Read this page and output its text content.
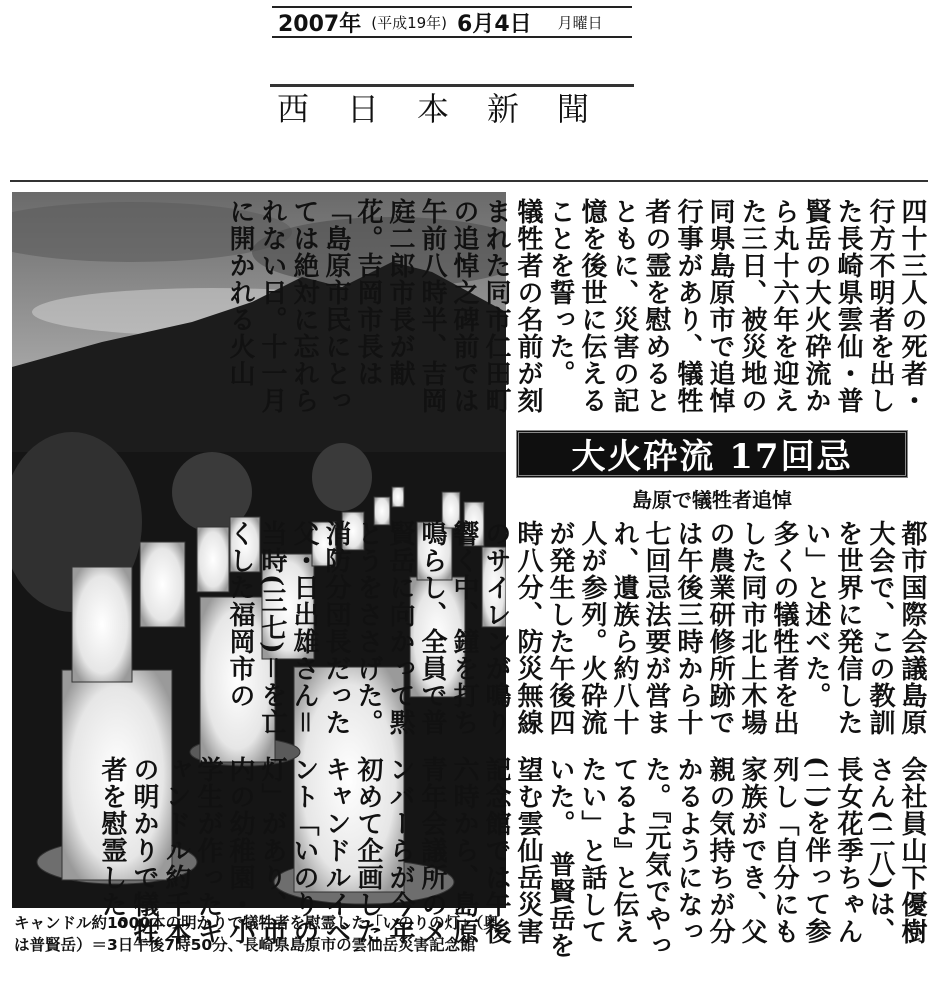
2007年 (平成19年) 6月4日 月曜日
西日本新聞
キャンドル約1000本の明かりで犠牲者を慰霊した「いのりの灯」（奥は普賢岳）＝3日午後7時50分、長崎県島原市の雲仙岳災害記念館
四十三人の死者・行方不明者を出した長崎県雲仙・普賢岳の大火砕流から丸十六年を迎えた三日、被災地の同県島原市で追悼行事があり、犠牲者の霊を慰めるとともに、災害の記憶を後世に伝えることを誓った。　犠牲者の名前が刻まれた同市仁田町の追悼之碑前では午前八時半、吉岡庭二郎市長が献花。吉岡市長は「島原市民にとっては絶対に忘れられない日。十一月に開かれる火山
大火砕流 17回忌
島原で犠牲者追悼
都市国際会議島原大会で、この教訓を世界に発信したい」と述べた。　多くの犠牲者を出した同市北上木場の農業研修所跡では午後三時から十七回忌法要が営まれ、遺族ら約八十人が参列。火砕流が発生した午後四時八分、防災無線のサイレンが鳴り響く中、鐘を打ち鳴らし、全員で普賢岳に向かって黙とうをささげた。消防分団長だった父・日出雄さん＝当時(三七)＝を亡くした福岡市の
会社員山下優樹さん(二八)は、長女花季ちゃん(二)を伴って参列し「自分にも家族ができ、父親の気持ちが分かるようになった。『元気でやってるよ』と伝えたい」と話していた。　普賢岳を望む雲仙岳災害記念館では午後六時から、島原青年会議所のメンバーらが今年初めて企画したキャンドルイベント「いのりの灯」があり、市内の幼稚園・小学生が作ったキャンドル約千本の明かりで犠牲者を慰霊した。
